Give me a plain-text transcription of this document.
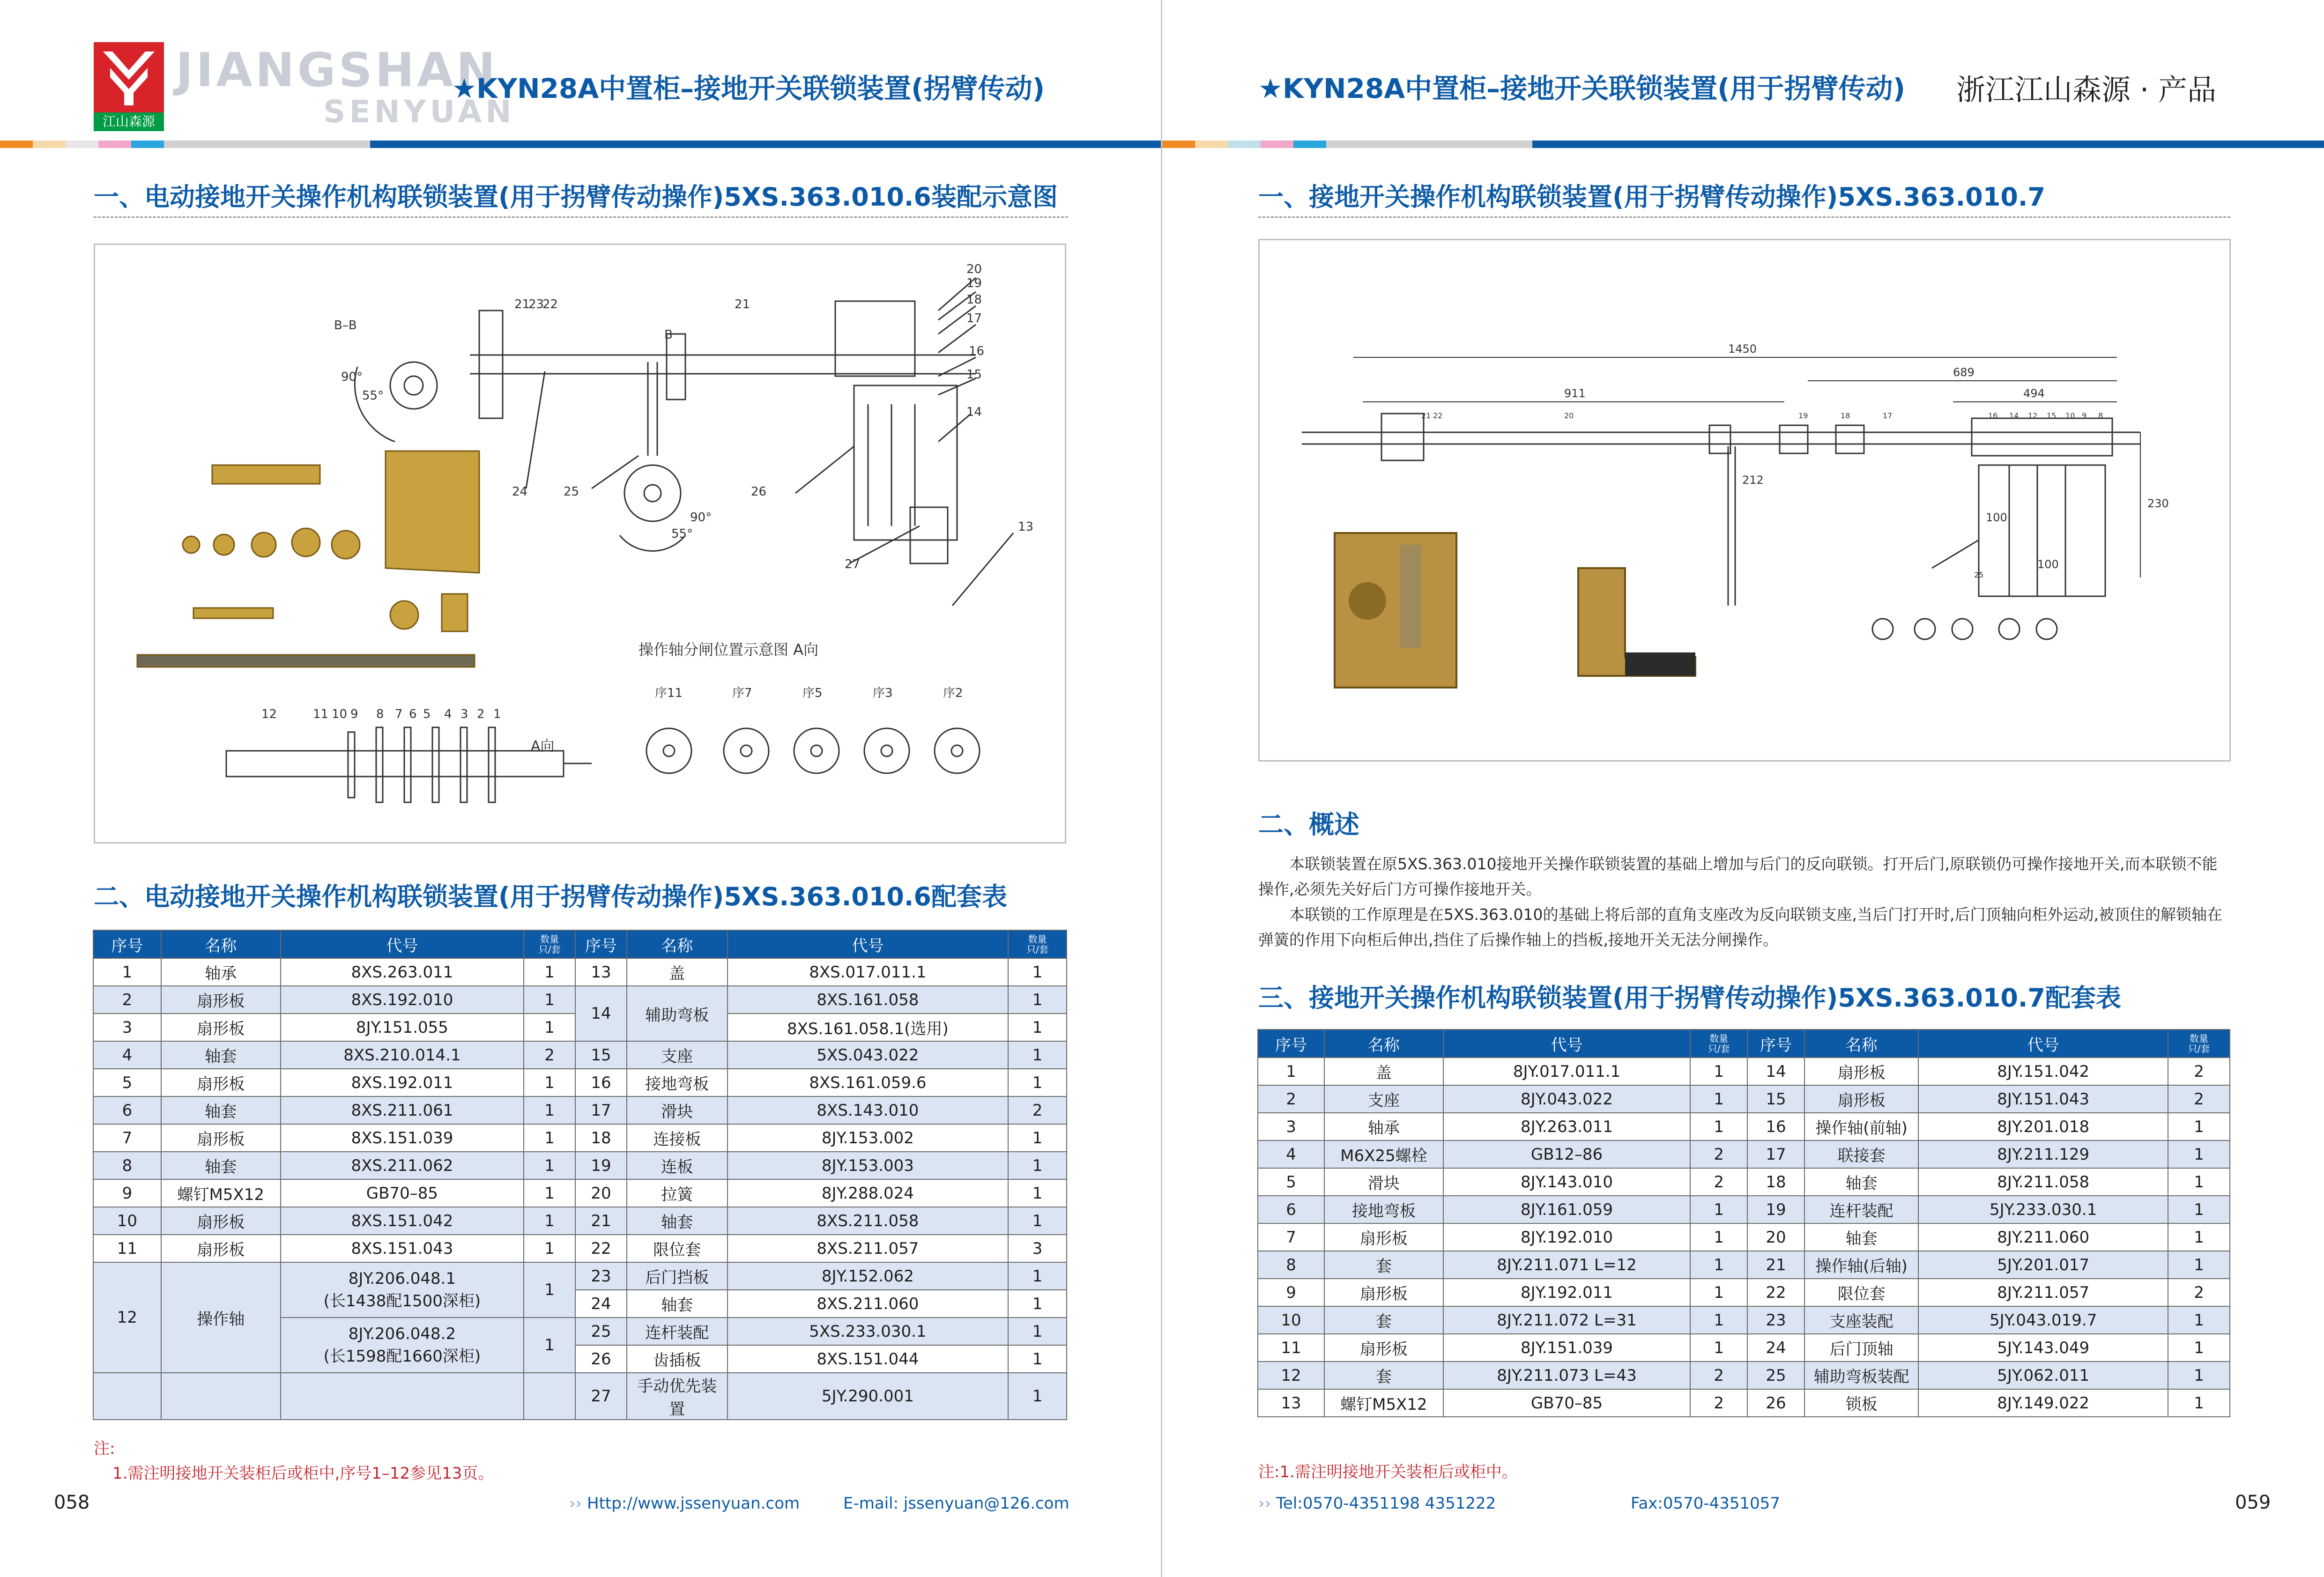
江山森源
JIANGSHAN
SENYUAN
★KYN28A中置柜–接地开关联锁装置(拐臂传动)
一、电动接地开关操作机构联锁装置(用于拐臂传动操作)5XS.363.010.6装配示意图
B–B
90°
55°
B
90°
55°
操作轴分闸位置示意图 A向
A向
20
19
18
17
16
15
14
13
21
21
23
22
24	25	26
27
12	11 10 9 8 7 6 5 4 3 2 1
序11	序7	序5	序3	序2
二、电动接地开关操作机构联锁装置(用于拐臂传动操作)5XS.363.010.6配套表
序号	名称	代号	数量
只/套	序号	名称	代号	数量
只/套
1	轴承	8XS.263.011	1	13	盖	8XS.017.011.1	1
2	扇形板	8XS.192.010	1	14	辅助弯板	8XS.161.058	1
3	扇形板	8JY.151.055	1			8XS.161.058.1(选用)	1
4	轴套	8XS.210.014.1	2	15	支座	5XS.043.022	1
5	扇形板	8XS.192.011	1	16	接地弯板	8XS.161.059.6	1
6	轴套	8XS.211.061	1	17	滑块	8XS.143.010	2
7	扇形板	8XS.151.039	1	18	连接板	8JY.153.002	1
8	轴套	8XS.211.062	1	19	连板	8JY.153.003	1
9	螺钉M5X12	GB70–85	1	20	拉簧	8JY.288.024	1
10	扇形板	8XS.151.042	1	21	轴套	8XS.211.058	1
11	扇形板	8XS.151.043	1	22	限位套	8XS.211.057	3
12	操作轴	8JY.206.048.1
(长1438配1500深柜)	1	23	后门挡板	8JY.152.062	1
				24	轴套	8XS.211.060	1

		8JY.206.048.2
(长1598配1660深柜)	1	25	连杆装配	5XS.233.030.1	1
				26	齿插板	8XS.151.044	1
				27	手动优先装置	5JY.290.001	1
注:
1.需注明接地开关装柜后或柜中,序号1–12参见13页。
058	›› Http://www.jssenyuan.com	E-mail: jssenyuan@126.com
★KYN28A中置柜–接地开关联锁装置(用于拐臂传动) 浙江江山森源 · 产品
一、接地开关操作机构联锁装置(用于拐臂传动操作)5XS.363.010.7
1450
689
911	494
230
212
100
100
20	17	16 14 12 15 10 9 8
25
19	18
21 22
二、概述
本联锁装置在原5XS.363.010接地开关操作联锁装置的基础上增加与后门的反向联锁。打开后门,原联锁仍可操作接地开关,而本联锁不能操作,必须先关好后门方可操作接地开关。
本联锁的工作原理是在5XS.363.010的基础上将后部的直角支座改为反向联锁支座,当后门打开时,后门顶轴向柜外运动,被顶住的解锁轴在弹簧的作用下向柜后伸出,挡住了后操作轴上的挡板,接地开关无法分闸操作。
三、接地开关操作机构联锁装置(用于拐臂传动操作)5XS.363.010.7配套表
序号	名称	代号	数量
只/套	序号	名称	代号	数量
只/套
1	盖	8JY.017.011.1	1	14	扇形板	8JY.151.042	2
2	支座	8JY.043.022	1	15	扇形板	8JY.151.043	2
3	轴承	8JY.263.011	1	16	操作轴(前轴)	8JY.201.018	1
4	M6X25螺栓	GB12–86	2	17	联接套	8JY.211.129	1
5	滑块	8JY.143.010	2	18	轴套	8JY.211.058	1
6	接地弯板	8JY.161.059	1	19	连杆装配	5JY.233.030.1	1
7	扇形板	8JY.192.010	1	20	轴套	8JY.211.060	1
8	套	8JY.211.071 L=12	1	21	操作轴(后轴)	5JY.201.017	1
9	扇形板	8JY.192.011	1	22	限位套	8JY.211.057	2
10	套	8JY.211.072 L=31	1	23	支座装配	5JY.043.019.7	1
11	扇形板	8JY.151.039	1	24	后门顶轴	5JY.143.049	1
12	套	8JY.211.073 L=43	2	25	辅助弯板装配	5JY.062.011	1
13	螺钉M5X12	GB70–85	2	26	锁板	8JY.149.022	1
注:1.需注明接地开关装柜后或柜中。
›› Tel:0570-4351198 4351222	Fax:0570-4351057	059
